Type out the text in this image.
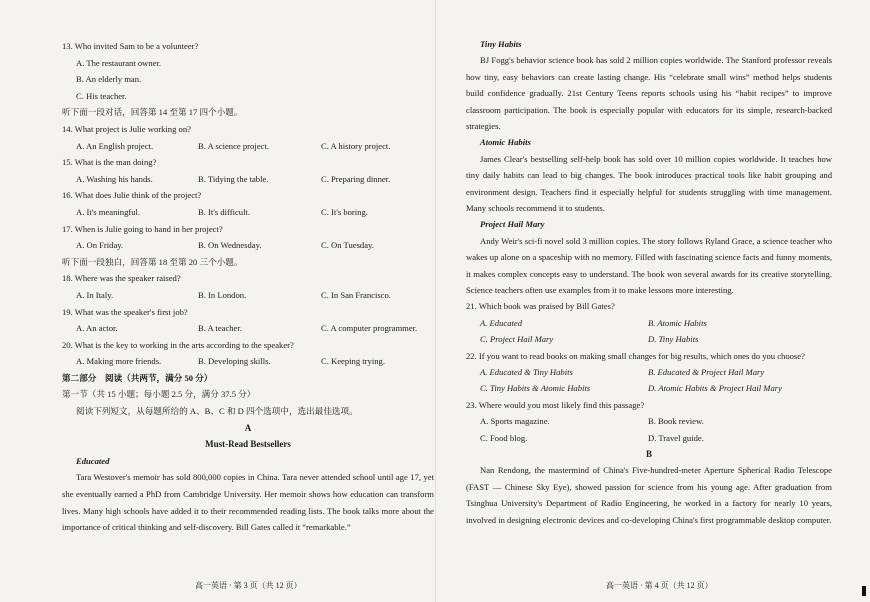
13. Who invited Sam to be a volunteer?
A. The restaurant owner.
B. An elderly man.
C. His teacher.
听下面一段对话，回答第 14 至第 17 四个小题。
14. What project is Julie working on?
A. An English project.	B. A science project.	C. A history project.
15. What is the man doing?
A. Washing his hands.	B. Tidying the table.	C. Preparing dinner.
16. What does Julie think of the project?
A. It's meaningful.	B. It's difficult.	C. It's boring.
17. When is Julie going to hand in her project?
A. On Friday.	B. On Wednesday.	C. On Tuesday.
听下面一段独白，回答第 18 至第 20 三个小题。
18. Where was the speaker raised?
A. In Italy.	B. In London.	C. In San Francisco.
19. What was the speaker's first job?
A. An actor.	B. A teacher.	C. A computer programmer.
20. What is the key to working in the arts according to the speaker?
A. Making more friends.	B. Developing skills.	C. Keeping trying.
第二部分　阅读（共两节，满分 50 分）
第一节（共 15 小题；每小题 2.5 分，满分 37.5 分）
阅读下列短文，从每题所给的 A、B、C 和 D 四个选项中，选出最佳选项。
A
Must-Read Bestsellers
Educated
Tara Westover's memoir has sold 800,000 copies in China. Tara never attended school until age 17, yet she eventually earned a PhD from Cambridge University. Her memoir shows how education can transform lives. Many high schools have added it to their recommended reading lists. The book talks more about the importance of critical thinking and self-discovery. Bill Gates called it “remarkable.”
高一英语 · 第 3 页（共 12 页）
Tiny Habits
BJ Fogg's behavior science book has sold 2 million copies worldwide. The Stanford professor reveals how tiny, easy behaviors can create lasting change. His “celebrate small wins” method helps students build confidence gradually. 21st Century Teens reports schools using his “habit recipes” to improve classroom participation. The book is especially popular with educators for its simple, research-backed strategies.
Atomic Habits
James Clear's bestselling self-help book has sold over 10 million copies worldwide. It teaches how tiny daily habits can lead to big changes. The book introduces practical tools like habit grouping and environment design. Teachers find it especially helpful for students struggling with time management. Many schools recommend it to students.
Project Hail Mary
Andy Weir's sci-fi novel sold 3 million copies. The story follows Ryland Grace, a science teacher who wakes up alone on a spaceship with no memory. Filled with fascinating science facts and funny moments, it makes complex concepts easy to understand. The book won several awards for its creative storytelling. Science teachers often use examples from it to make lessons more interesting.
21. Which book was praised by Bill Gates?
A. Educated	B. Atomic Habits
C. Project Hail Mary	D. Tiny Habits
22. If you want to read books on making small changes for big results, which ones do you choose?
A. Educated & Tiny Habits	B. Educated & Project Hail Mary
C. Tiny Habits & Atomic Habits	D. Atomic Habits & Project Hail Mary
23. Where would you most likely find this passage?
A. Sports magazine.	B. Book review.
C. Food blog.	D. Travel guide.
B
Nan Rendong, the mastermind of China's Five-hundred-meter Aperture Spherical Radio Telescope (FAST — Chinese Sky Eye), showed passion for science from his young age. After graduation from Tsinghua University's Department of Radio Engineering, he worked in a factory for nearly 10 years, involved in designing electronic devices and co-developing China's first programmable desktop computer.
高一英语 · 第 4 页（共 12 页）
